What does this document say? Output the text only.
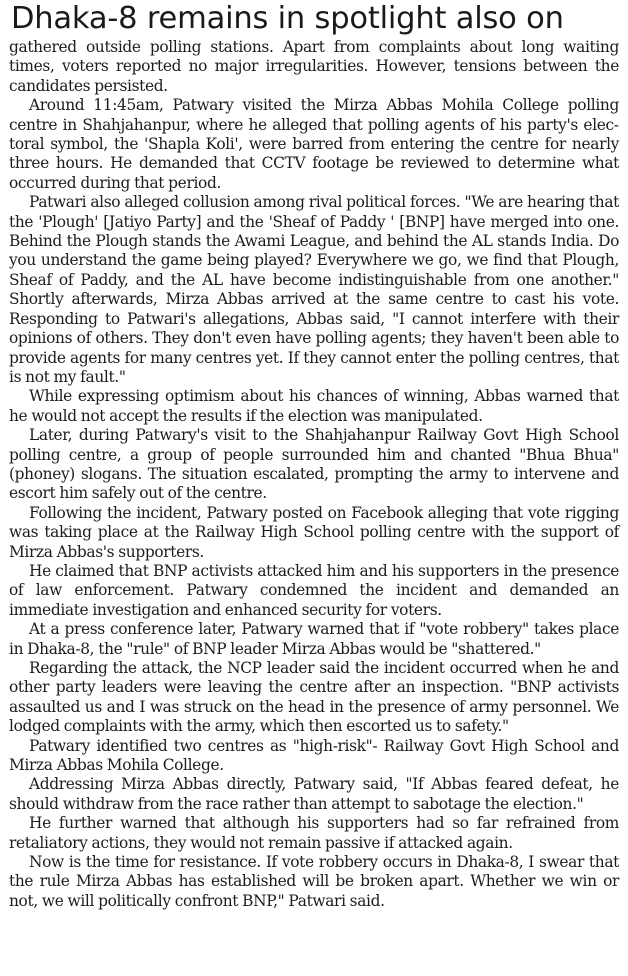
Dhaka-8 remains in spotlight also on

gathered outside polling stations. Apart from complaints about long waiting times, voters reported no major irregularities. However, tensions between the candidates persisted.

Around 11:45am, Patwary visited the Mirza Abbas Mohila College polling centre in Shahjahanpur, where he alleged that polling agents of his party's electoral symbol, the 'Shapla Koli', were barred from entering the centre for nearly three hours. He demanded that CCTV footage be reviewed to determine what occurred during that period.

Patwari also alleged collusion among rival political forces. "We are hearing that the 'Plough' [Jatiyo Party] and the 'Sheaf of Paddy ' [BNP] have merged into one. Behind the Plough stands the Awami League, and behind the AL stands India. Do you understand the game being played? Everywhere we go, we find that Plough, Sheaf of Paddy, and the AL have become indistinguishable from one another." Shortly afterwards, Mirza Abbas arrived at the same centre to cast his vote. Responding to Patwari's allegations, Abbas said, "I cannot interfere with their opinions of others. They don't even have polling agents; they haven't been able to provide agents for many centres yet. If they cannot enter the polling centres, that is not my fault."

While expressing optimism about his chances of winning, Abbas warned that he would not accept the results if the election was manipulated.

Later, during Patwary's visit to the Shahjahanpur Railway Govt High School polling centre, a group of people surrounded him and chanted "Bhua Bhua" (phoney) slogans. The situation escalated, prompting the army to intervene and escort him safely out of the centre.

Following the incident, Patwary posted on Facebook alleging that vote rigging was taking place at the Railway High School polling centre with the support of Mirza Abbas's supporters.

He claimed that BNP activists attacked him and his supporters in the presence of law enforcement. Patwary condemned the incident and demanded an immediate investigation and enhanced security for voters.

At a press conference later, Patwary warned that if "vote robbery" takes place in Dhaka-8, the "rule" of BNP leader Mirza Abbas would be "shattered."

Regarding the attack, the NCP leader said the incident occurred when he and other party leaders were leaving the centre after an inspection. "BNP activists assaulted us and I was struck on the head in the presence of army personnel. We lodged complaints with the army, which then escorted us to safety."

Patwary identified two centres as "high-risk"- Railway Govt High School and Mirza Abbas Mohila College.

Addressing Mirza Abbas directly, Patwary said, "If Abbas feared defeat, he should withdraw from the race rather than attempt to sabotage the election."

He further warned that although his supporters had so far refrained from retaliatory actions, they would not remain passive if attacked again.

Now is the time for resistance. If vote robbery occurs in Dhaka-8, I swear that the rule Mirza Abbas has established will be broken apart. Whether we win or not, we will politically confront BNP," Patwari said.
